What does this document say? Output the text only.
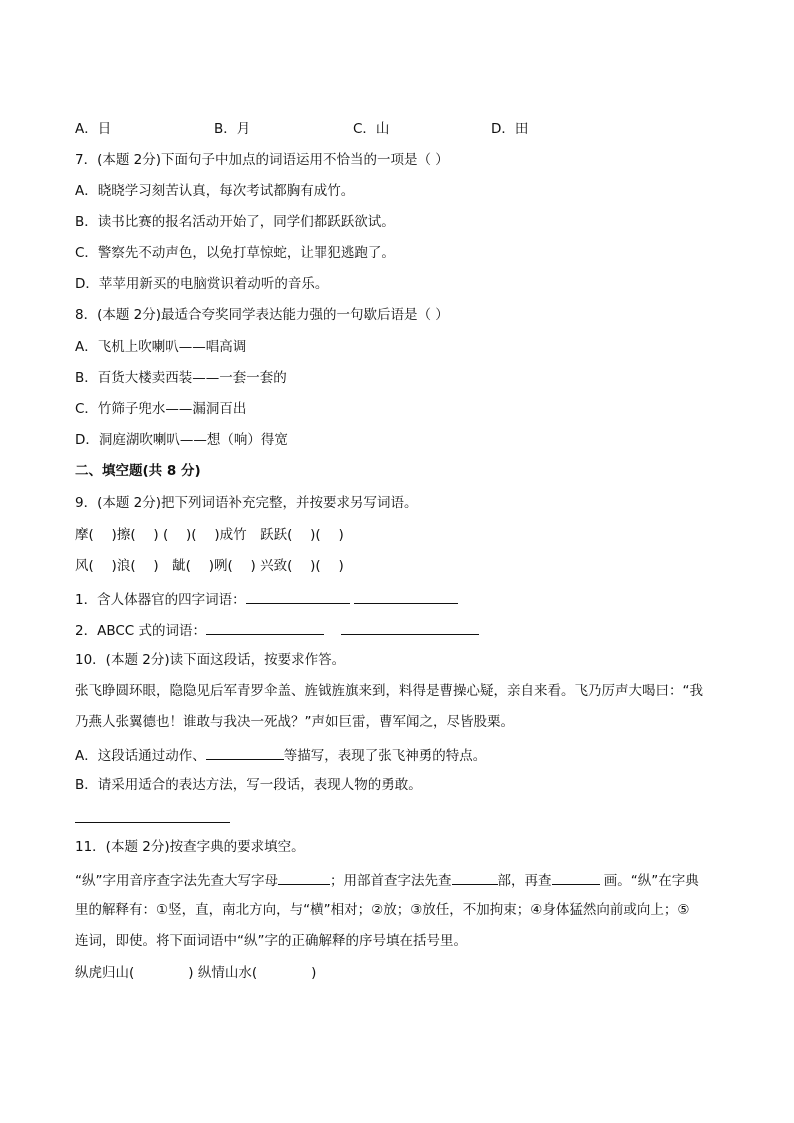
A．日	B．月	C．山	D．田
7．(本题 2分)下面句子中加点的词语运用不恰当的一项是（ ）
A．晓晓学习刻苦认真，每次考试都胸有成竹。
B．读书比赛的报名活动开始了，同学们都跃跃欲试。
C．警察先不动声色，以免打草惊蛇，让罪犯逃跑了。
D．苹苹用新买的电脑赏识着动听的音乐。
8．(本题 2分)最适合夸奖同学表达能力强的一句歇后语是（ ）
A．飞机上吹喇叭——唱高调
B．百货大楼卖西装——一套一套的
C．竹筛子兜水——漏洞百出
D．洞庭湖吹喇叭——想（响）得宽
二、填空题(共 8 分)
9．(本题 2分)把下列词语补充完整，并按要求另写词语。
摩(　 )擦(　 ) (　 )(　 )成竹　跃跃(　 )(　 )
风(　 )浪(　 )　龇(　 )咧(　 ) 兴致(　 )(　 )
1．含人体器官的四字词语：
2．ABCC 式的词语：
10．(本题 2分)读下面这段话，按要求作答。
张飞睁圆环眼，隐隐见后军青罗伞盖、旌钺旌旗来到，料得是曹操心疑，亲自来看。飞乃厉声大喝曰：“我
乃燕人张翼德也！谁敢与我决一死战？”声如巨雷，曹军闻之，尽皆股栗。
A．这段话通过动作、	等描写，表现了张飞神勇的特点。
B．请采用适合的表达方法，写一段话，表现人物的勇敢。
11．(本题 2分)按查字典的要求填空。
“纵”字用音序查字法先查大写字母	；用部首查字法先查	部，再查	画。“纵”在字典
里的解释有：①竖，直，南北方向，与“横”相对；②放；③放任，不加拘束；④身体猛然向前或向上；⑤
连词，即使。将下面词语中“纵”字的正确解释的序号填在括号里。
纵虎归山(　　　　) 纵情山水(　　　　)
